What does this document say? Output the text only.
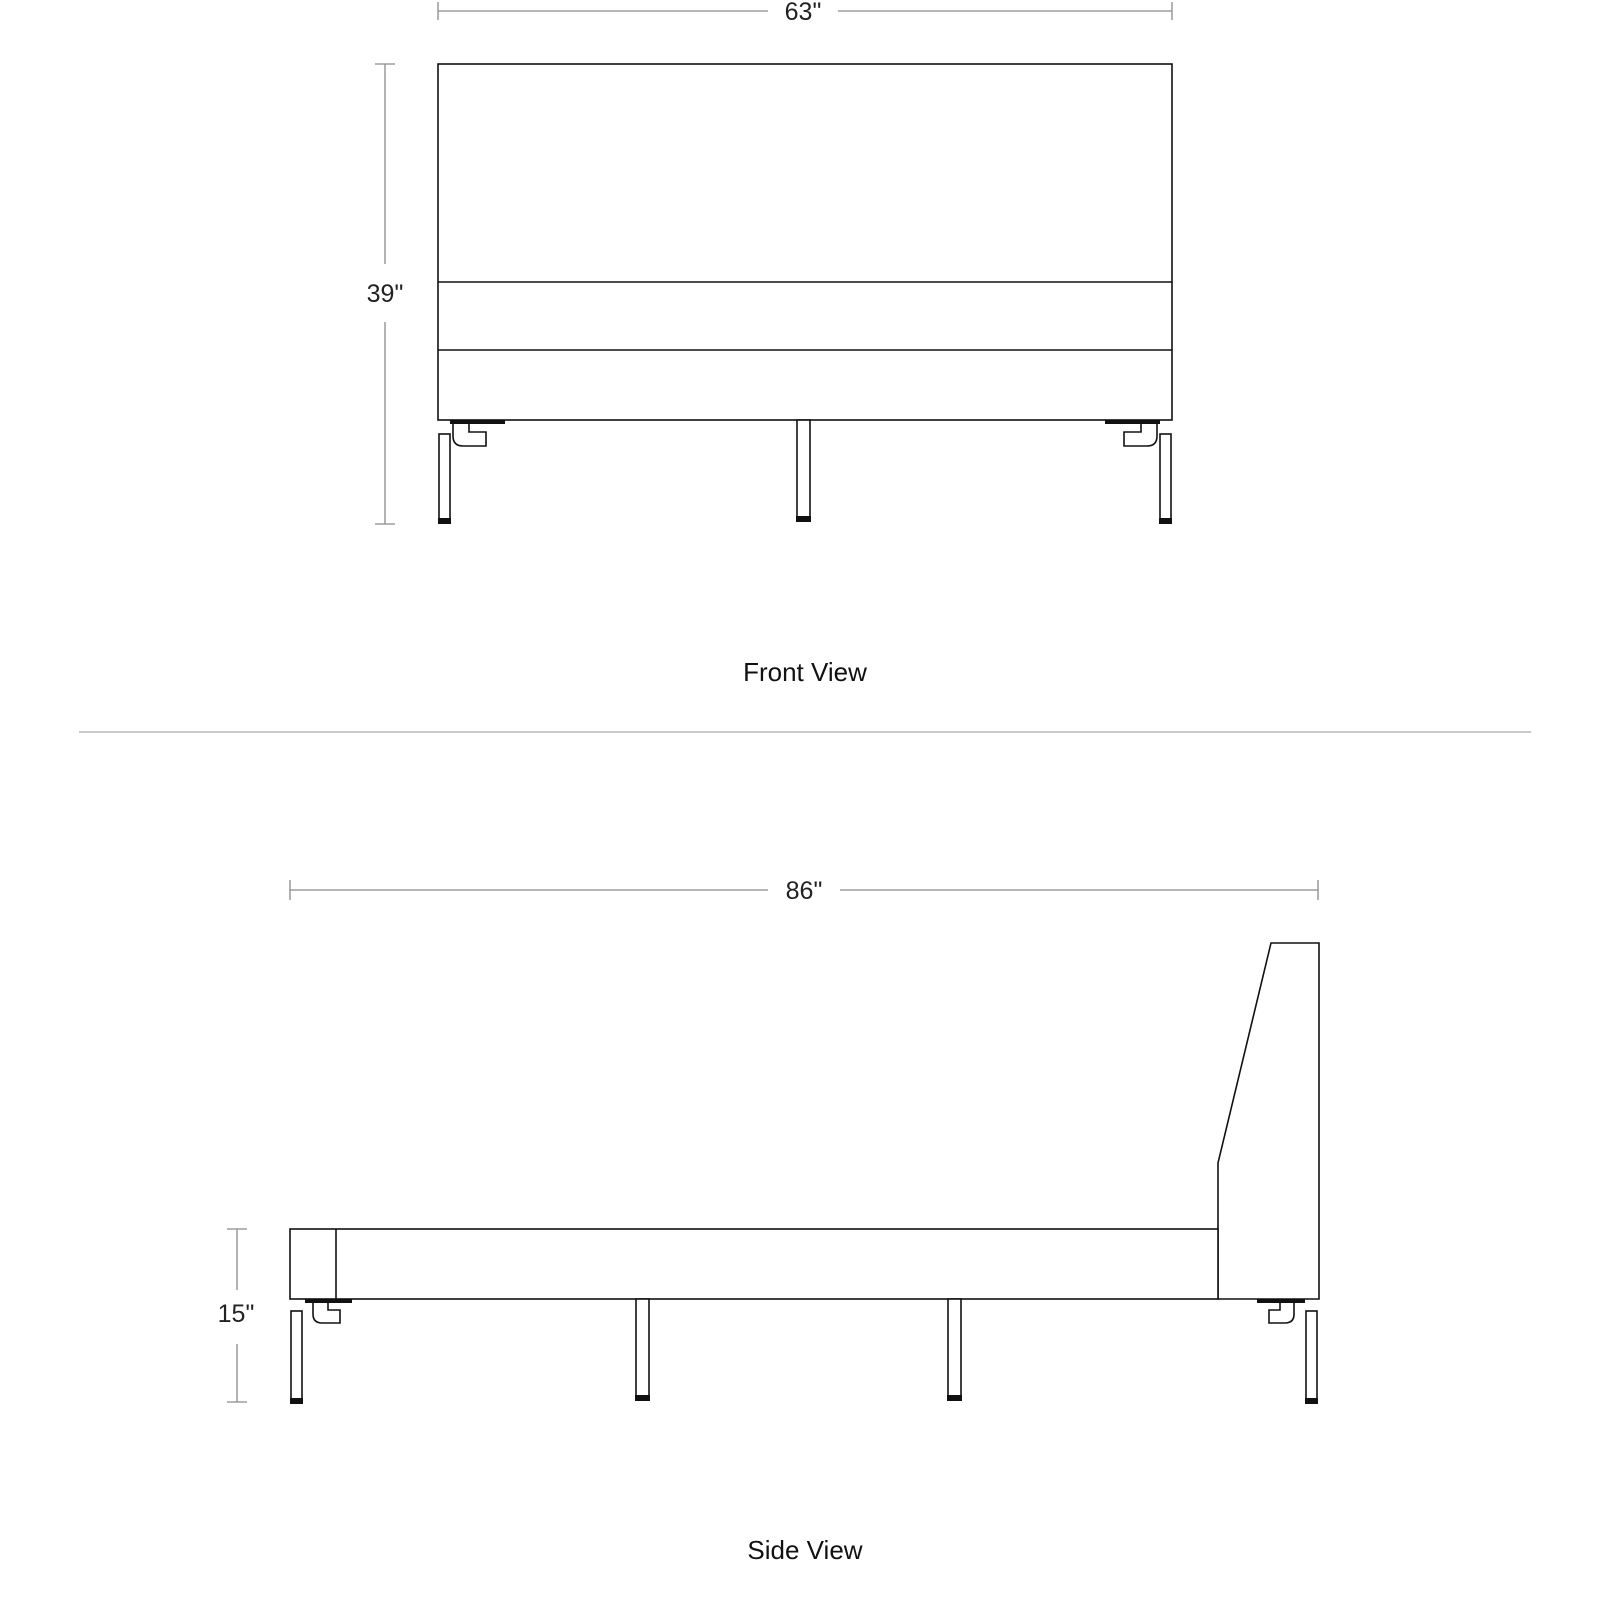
63"
39"
Front View
86"
15"
Side View
